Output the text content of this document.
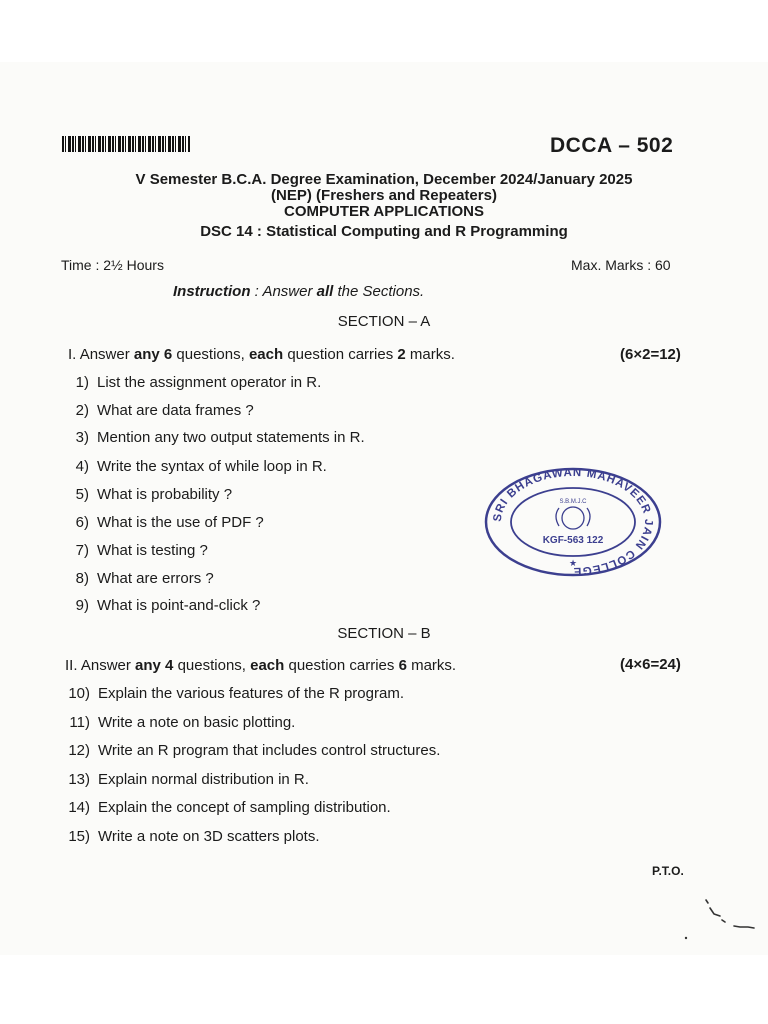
DCCA – 502
V Semester B.C.A. Degree Examination, December 2024/January 2025
(NEP) (Freshers and Repeaters)
COMPUTER APPLICATIONS
DSC 14 : Statistical Computing and R Programming
Time : 2½ Hours	Max. Marks : 60
Instruction : Answer all the Sections.
SECTION – A
I. Answer any 6 questions, each question carries 2 marks.	(6×2=12)
1) List the assignment operator in R.
2) What are data frames ?
3) Mention any two output statements in R.
4) Write the syntax of while loop in R.
5) What is probability ?
6) What is the use of PDF ?
7) What is testing ?
8) What are errors ?
9) What is point-and-click ?
SECTION – B
II. Answer any 4 questions, each question carries 6 marks.	(4×6=24)
10) Explain the various features of the R program.
11) Write a note on basic plotting.
12) Write an R program that includes control structures.
13) Explain normal distribution in R.
14) Explain the concept of sampling distribution.
15) Write a note on 3D scatters plots.
SRI BHAGAWAN MAHAVEER JAIN COLLEGE
S.B.M.J.C
KGF-563 122
★
P.T.O.
